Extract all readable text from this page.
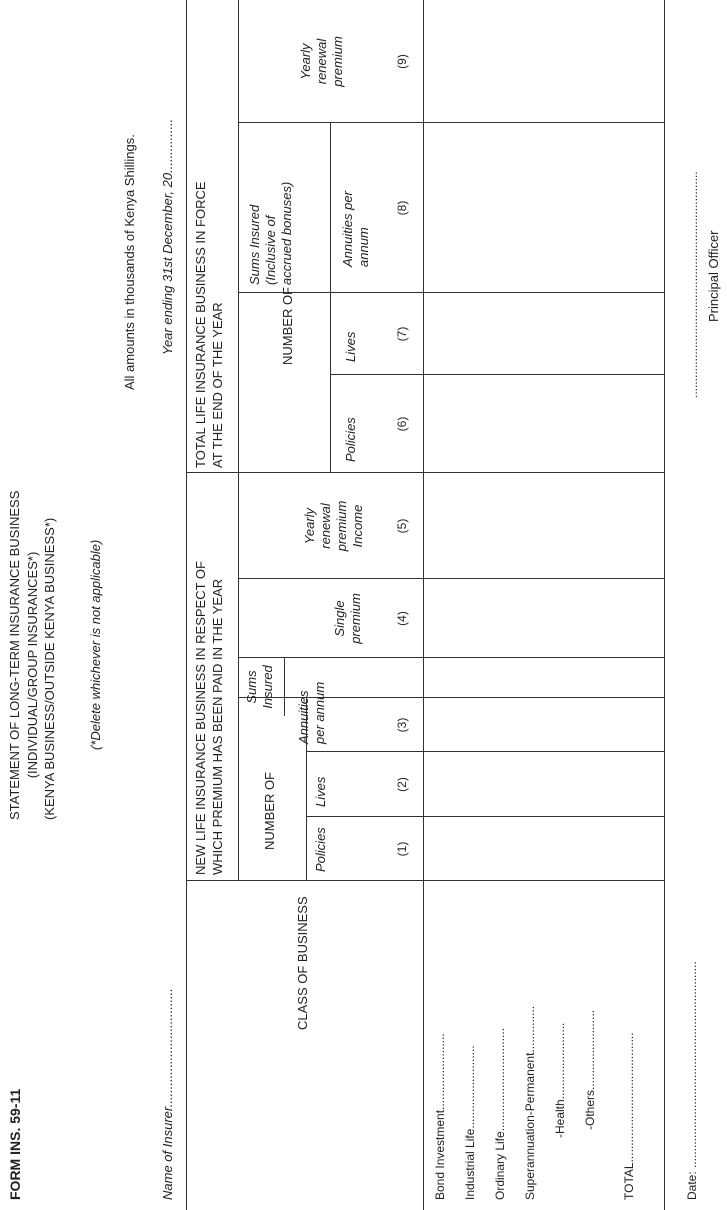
FORM INS. 59-11
STATEMENT OF LONG-TERM INSURANCE BUSINESS (INDIVIDUAL/GROUP INSURANCES*) (KENYA BUSINESS/OUTSIDE KENYA BUSINESS*) (*Delete whichever is not applicable)
All amounts in thousands of Kenya Shillings. Year ending 31st December, 20...............
Name of Insurer.................................
CLASS OF BUSINESS
NEW LIFE INSURANCE BUSINESS IN RESPECT OF WHICH PREMIUM HAS BEEN PAID IN THE YEAR
TOTAL LIFE INSURANCE BUSINESS IN FORCE AT THE END OF THE YEAR
NUMBER OF
NUMBER OF
Policies
Lives
Sums Insured
Annuities per annum
Single premium
Yearly renewal premium Income
Policies
Lives
Sums Insured (Inclusive of accrued bonuses)	Annuities per annum
Yearly renewal premium
(1)
(2)
(3)
(4)
(5)
(6)
(7)
(8)
(9)
Bond Investment....................... Industrial Life......................... Ordinary Life............................... Superannuation-Permanent.............. -Health....................... -Others........................ TOTAL.......................................	Date: ..............................................................
.................................................................... Principal Officer
